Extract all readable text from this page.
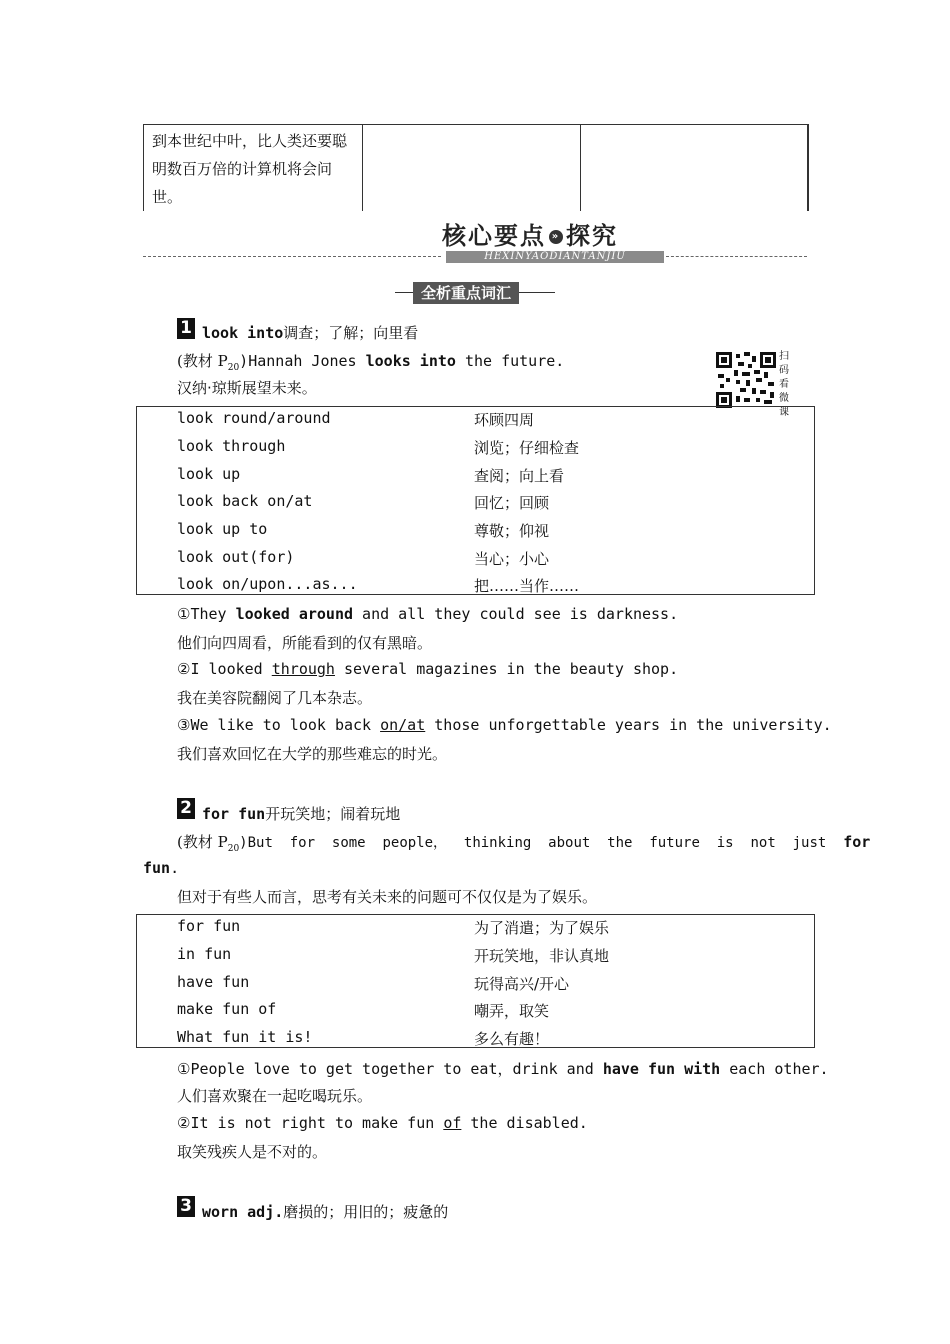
到本世纪中叶，比人类还要聪明数百万倍的计算机将会问世。
核心要点 » 探究
HEXINYAODIANTANJIU
全析重点词汇
扫码看微课
1 look into调查；了解；向里看
(教材 $P_{20})Hannah$ Jones looks into the future.
汉纳·琼斯展望未来。
look round/around	环顾四周
look through	浏览；仔细检查
look up	查阅；向上看
look back on/at	回忆；回顾
look up to	尊敬；仰视
look out(for)	当心；小心
look on/upon...as...	把……当作……
①They looked around and all they could see is darkness.
他们向四周看，所能看到的仅有黑暗。
②I looked through several magazines in the beauty shop.
我在美容院翻阅了几本杂志。
③We like to look back on/at those unforgettable years in the university.
我们喜欢回忆在大学的那些难忘的时光。
2 for fun开玩笑地；闹着玩地
(教材 $P_{20})But$  for  some  people，  thinking  about  the  future  is  not  just  for
fun.
但对于有些人而言，思考有关未来的问题可不仅仅是为了娱乐。
for fun	为了消遣；为了娱乐
in fun	开玩笑地，非认真地
have fun	玩得高兴/开心
make fun of	嘲弄，取笑
What fun it is!	多么有趣！
①People love to get together to eat，drink and have fun with each other.
人们喜欢聚在一起吃喝玩乐。
②It is not right to make fun of the disabled.
取笑残疾人是不对的。
3 worn adj.磨损的；用旧的；疲惫的
